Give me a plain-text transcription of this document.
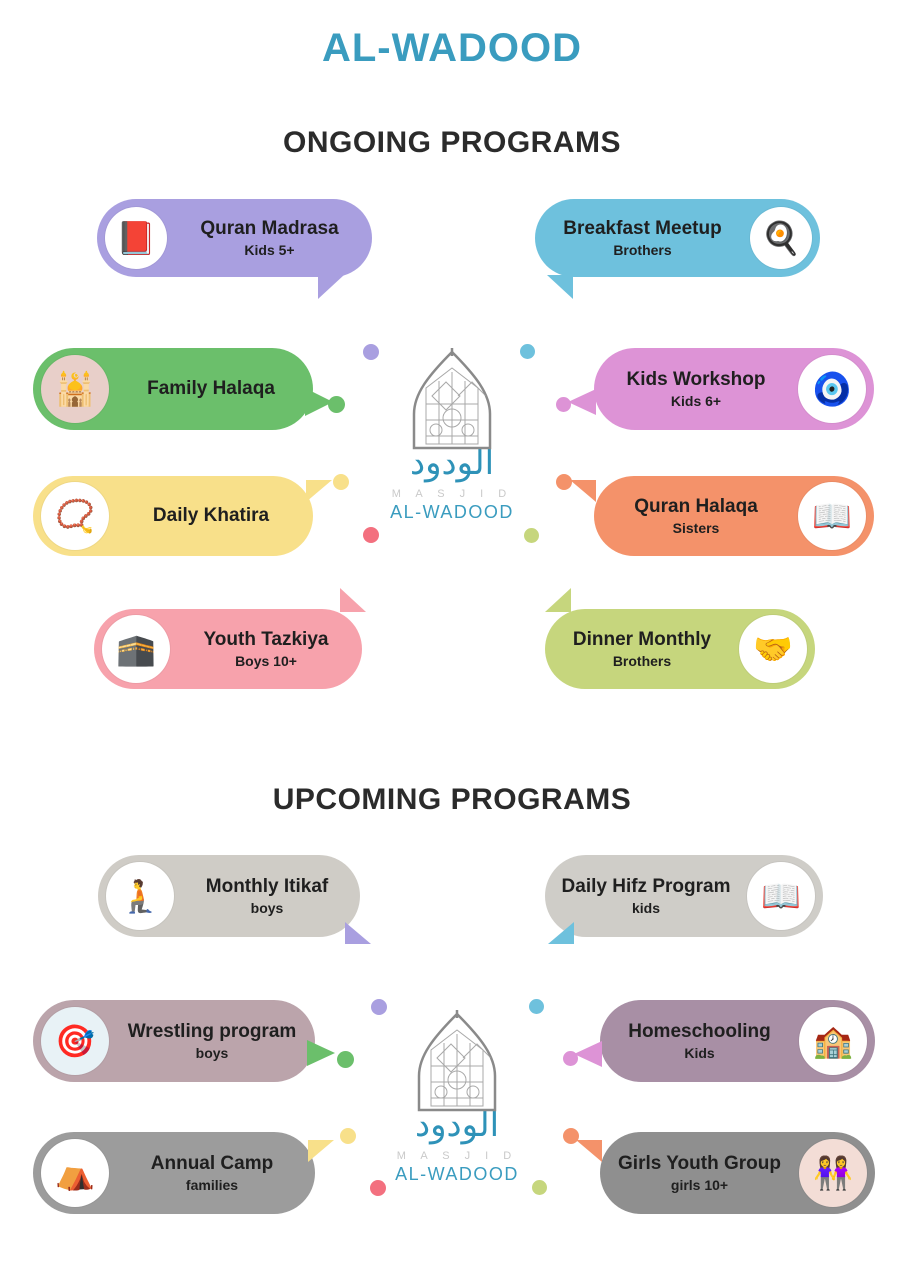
AL-WADOOD
ONGOING PROGRAMS
الودود
M A S J I D
AL-WADOOD
📕	Quran Madrasa
Kids 5+
Breakfast Meetup
Brothers	🍳
🕌	Family Halaqa	Kids Workshop
Kids 6+	🧿
📿	Daily Khatira	Quran Halaqa
Sisters	📖
🕋	Youth Tazkiya
Boys 10+
Dinner Monthly
Brothers	🤝
UPCOMING PROGRAMS
الودود
M A S J I D
AL-WADOOD
🧎	Monthly Itikaf
boys
Daily Hifz Program
kids	📖
🎯	Wrestling program
boys
Homeschooling
Kids	🏫
⛺	Annual Camp
families
Girls Youth Group
girls 10+	👭
